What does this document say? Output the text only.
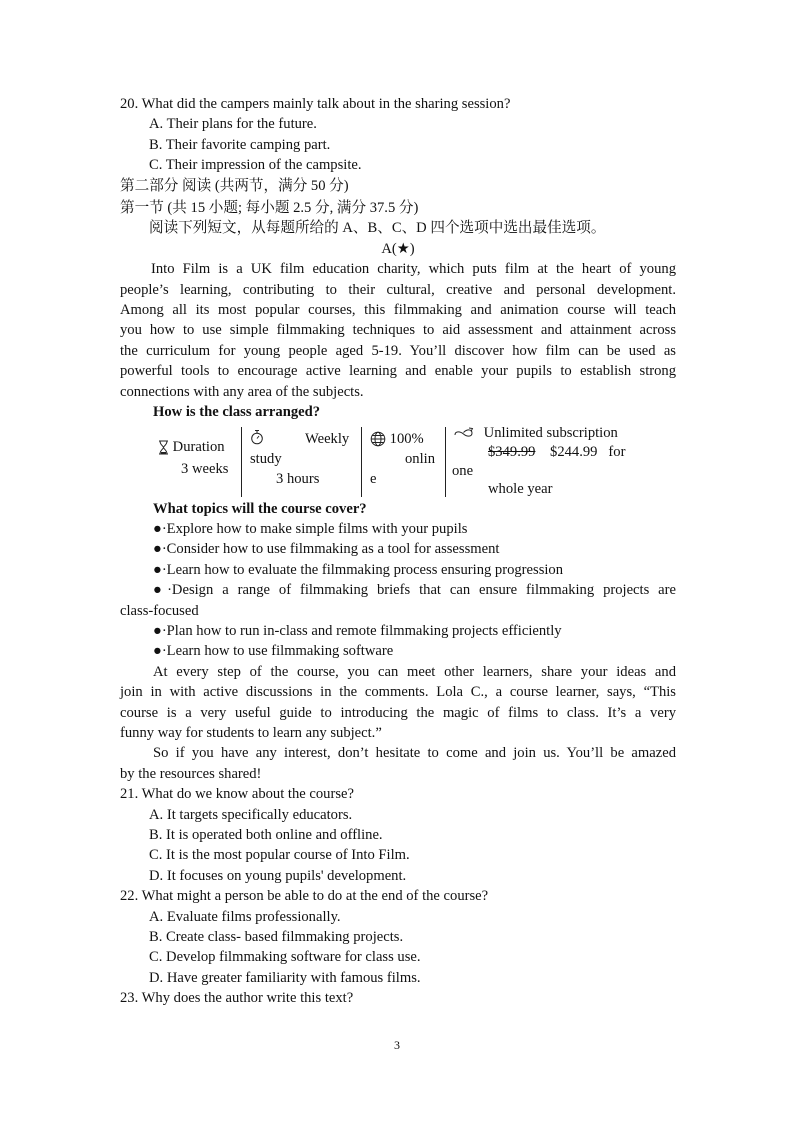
20. What did the campers mainly talk about in the sharing session?
A. Their plans for the future.
B. Their favorite camping part.
C. Their impression of the campsite.
第二部分 阅读 (共两节，满分 50 分)
第一节 (共 15 小题; 每小题 2.5 分, 满分 37.5 分)
阅读下列短文，从每题所给的 A、B、C、D 四个选项中选出最佳选项。
A(★)
Into Film is a UK film education charity, which puts film at the heart of young
people’s learning, contributing to their cultural, creative and personal development.
Among all its most popular courses, this filmmaking and animation course will teach
you how to use simple filmmaking techniques to aid assessment and attainment across
the curriculum for young people aged 5-19. You’ll discover how film can be used as
powerful tools to encourage active learning and enable your pupils to establish strong
connections with any area of the subjects.
How is the class arranged?
Duration
3 weeks
Weekly
study
3 hours
100%
onlin
e
Unlimited subscription
$349.99 $244.99 for
one
whole year
What topics will the course cover?
●·Explore how to make simple films with your pupils
●·Consider how to use filmmaking as a tool for assessment
●·Learn how to evaluate the filmmaking process ensuring progression
●·Design a range of filmmaking briefs that can ensure filmmaking projects are
class-focused
●·Plan how to run in-class and remote filmmaking projects efficiently
●·Learn how to use filmmaking software
At every step of the course, you can meet other learners, share your ideas and
join in with active discussions in the comments. Lola C., a course learner, says, “This
course is a very useful guide to introducing the magic of films to class. It’s a very
funny way for students to learn any subject.”
So if you have any interest, don’t hesitate to come and join us. You’ll be amazed
by the resources shared!
21. What do we know about the course?
A. It targets specifically educators.
B. It is operated both online and offline.
C. It is the most popular course of Into Film.
D. It focuses on young pupils' development.
22. What might a person be able to do at the end of the course?
A. Evaluate films professionally.
B. Create class- based filmmaking projects.
C. Develop filmmaking software for class use.
D. Have greater familiarity with famous films.
23. Why does the author write this text?
3
